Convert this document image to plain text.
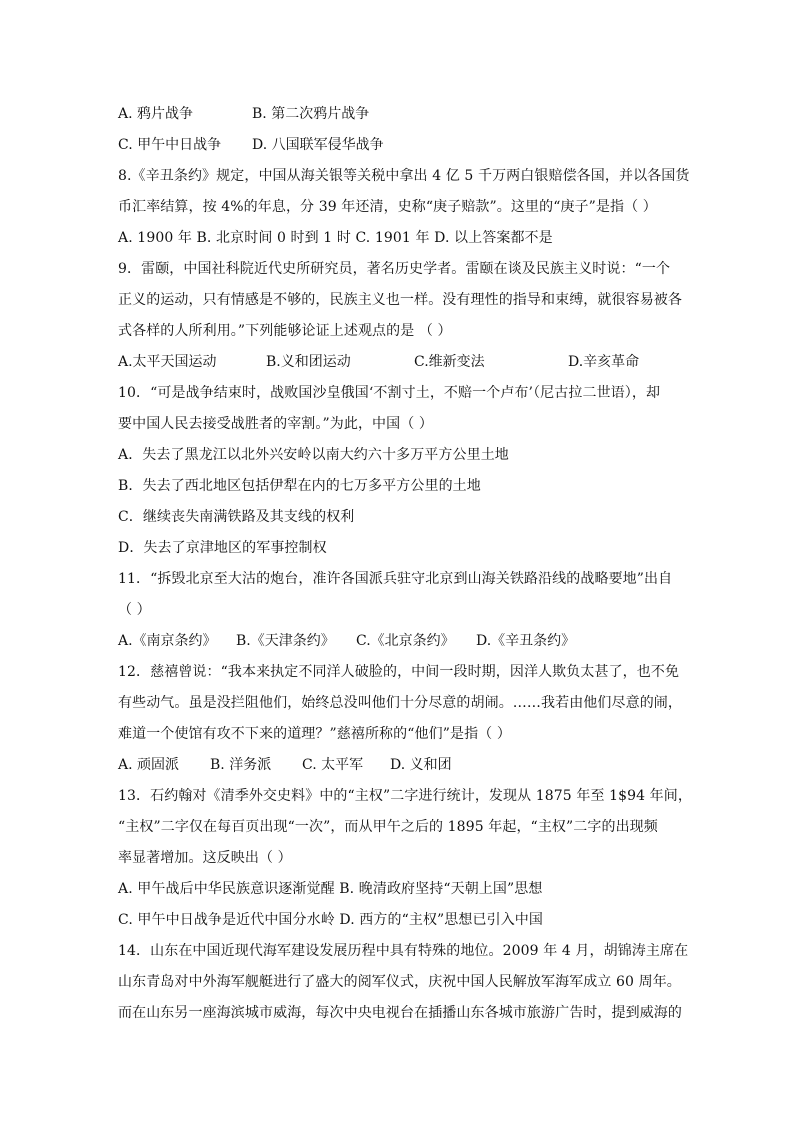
A. 鸦片战争	B. 第二次鸦片战争
C. 甲午中日战争 D. 八国联军侵华战争
8.《辛丑条约》规定，中国从海关银等关税中拿出 4 亿 5 千万两白银赔偿各国，并以各国货
币汇率结算，按 4%的年息，分 39 年还清，史称“庚子赔款”。这里的“庚子”是指（ ）
A. 1900 年 B. 北京时间 0 时到 1 时 C. 1901 年 D. 以上答案都不是
9．雷颐，中国社科院近代史所研究员，著名历史学者。雷颐在谈及民族主义时说：“一个
正义的运动，只有情感是不够的，民族主义也一样。没有理性的指导和束缚，就很容易被各
式各样的人所利用。”下列能够论证上述观点的是 （ ）
A.太平天国运动	B.义和团运动	C.维新变法	D.辛亥革命
10．“可是战争结束时，战败国沙皇俄国‘不割寸土，不赔一个卢布’（尼古拉二世语），却
要中国人民去接受战胜者的宰割。”为此，中国（ ）
A．失去了黑龙江以北外兴安岭以南大约六十多万平方公里土地
B．失去了西北地区包括伊犁在内的七万多平方公里的土地
C．继续丧失南满铁路及其支线的权利
D．失去了京津地区的军事控制权
11．“拆毁北京至大沽的炮台，准许各国派兵驻守北京到山海关铁路沿线的战略要地”出自
（ ）
A.《南京条约》 B.《天津条约》 C.《北京条约》 D.《辛丑条约》
12．慈禧曾说：“我本来执定不同洋人破脸的，中间一段时期，因洋人欺负太甚了，也不免
有些动气。虽是没拦阻他们，始终总没叫他们十分尽意的胡闹。……我若由他们尽意的闹，
难道一个使馆有攻不下来的道理？”慈禧所称的“他们”是指（ ）
A. 顽固派 B. 洋务派 C. 太平军 D. 义和团
13．石约翰对《清季外交史料》中的“主权”二字进行统计，发现从 1875 年至 1$94 年间，
“主权”二字仅在每百页出现“一次”，而从甲午之后的 1895 年起，“主权”二字的出现频
率显著增加。这反映出（ ）
A. 甲午战后中华民族意识逐渐觉醒 B. 晚清政府坚持“天朝上国”思想
C. 甲午中日战争是近代中国分水岭 D. 西方的“主权”思想已引入中国
14．山东在中国近现代海军建设发展历程中具有特殊的地位。2009 年 4 月，胡锦涛主席在
山东青岛对中外海军舰艇进行了盛大的阅军仪式，庆祝中国人民解放军海军成立 60 周年。
而在山东另一座海滨城市威海，每次中央电视台在插播山东各城市旅游广告时，提到威海的
